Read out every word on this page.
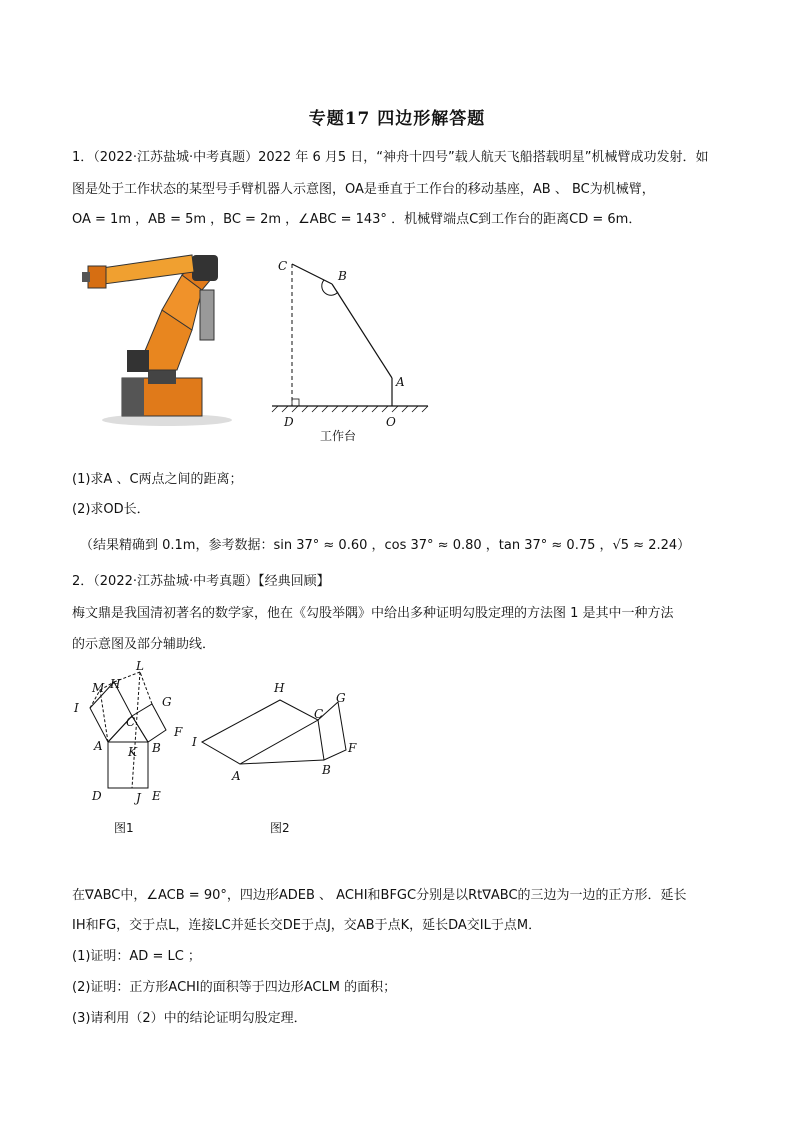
专题17 四边形解答题
1．（2022·江苏盐城·中考真题）2022 年 6 月5 日，“神舟十四号”载人航天飞船搭载明星”机械臂成功发射．如
图是处于工作状态的某型号手臂机器人示意图，OA是垂直于工作台的移动基座，AB 、 BC为机械臂，
OA = 1m ，AB = 5m ，BC = 2m ，∠ABC = 143° ．机械臂端点C到工作台的距离CD = 6m．
C
B
A
D	O
工作台
(1)求A 、C两点之间的距离；
(2)求OD长．
（结果精确到 0.1m，参考数据：sin 37° ≈ 0.60 ，cos 37° ≈ 0.80 ，tan 37° ≈ 0.75 ，√5 ≈ 2.24）
2．（2022·江苏盐城·中考真题）【经典回顾】
梅文鼎是我国清初著名的数学家，他在《勾股举隅》中给出多种证明勾股定理的方法图 1 是其中一种方法
的示意图及部分辅助线．
L
M H
I	G
C
F
A K B
D	J E
图1
H
G
C
I	F
A	B
图2
在∇ABC中，∠ACB = 90°，四边形ADEB 、 ACHI和BFGC分别是以Rt∇ABC的三边为一边的正方形．延长
IH和FG，交于点L，连接LC并延长交DE于点J，交AB于点K，延长DA交IL于点M．
(1)证明：AD = LC ；
(2)证明：正方形ACHI的面积等于四边形ACLM 的面积；
(3)请利用（2）中的结论证明勾股定理．
